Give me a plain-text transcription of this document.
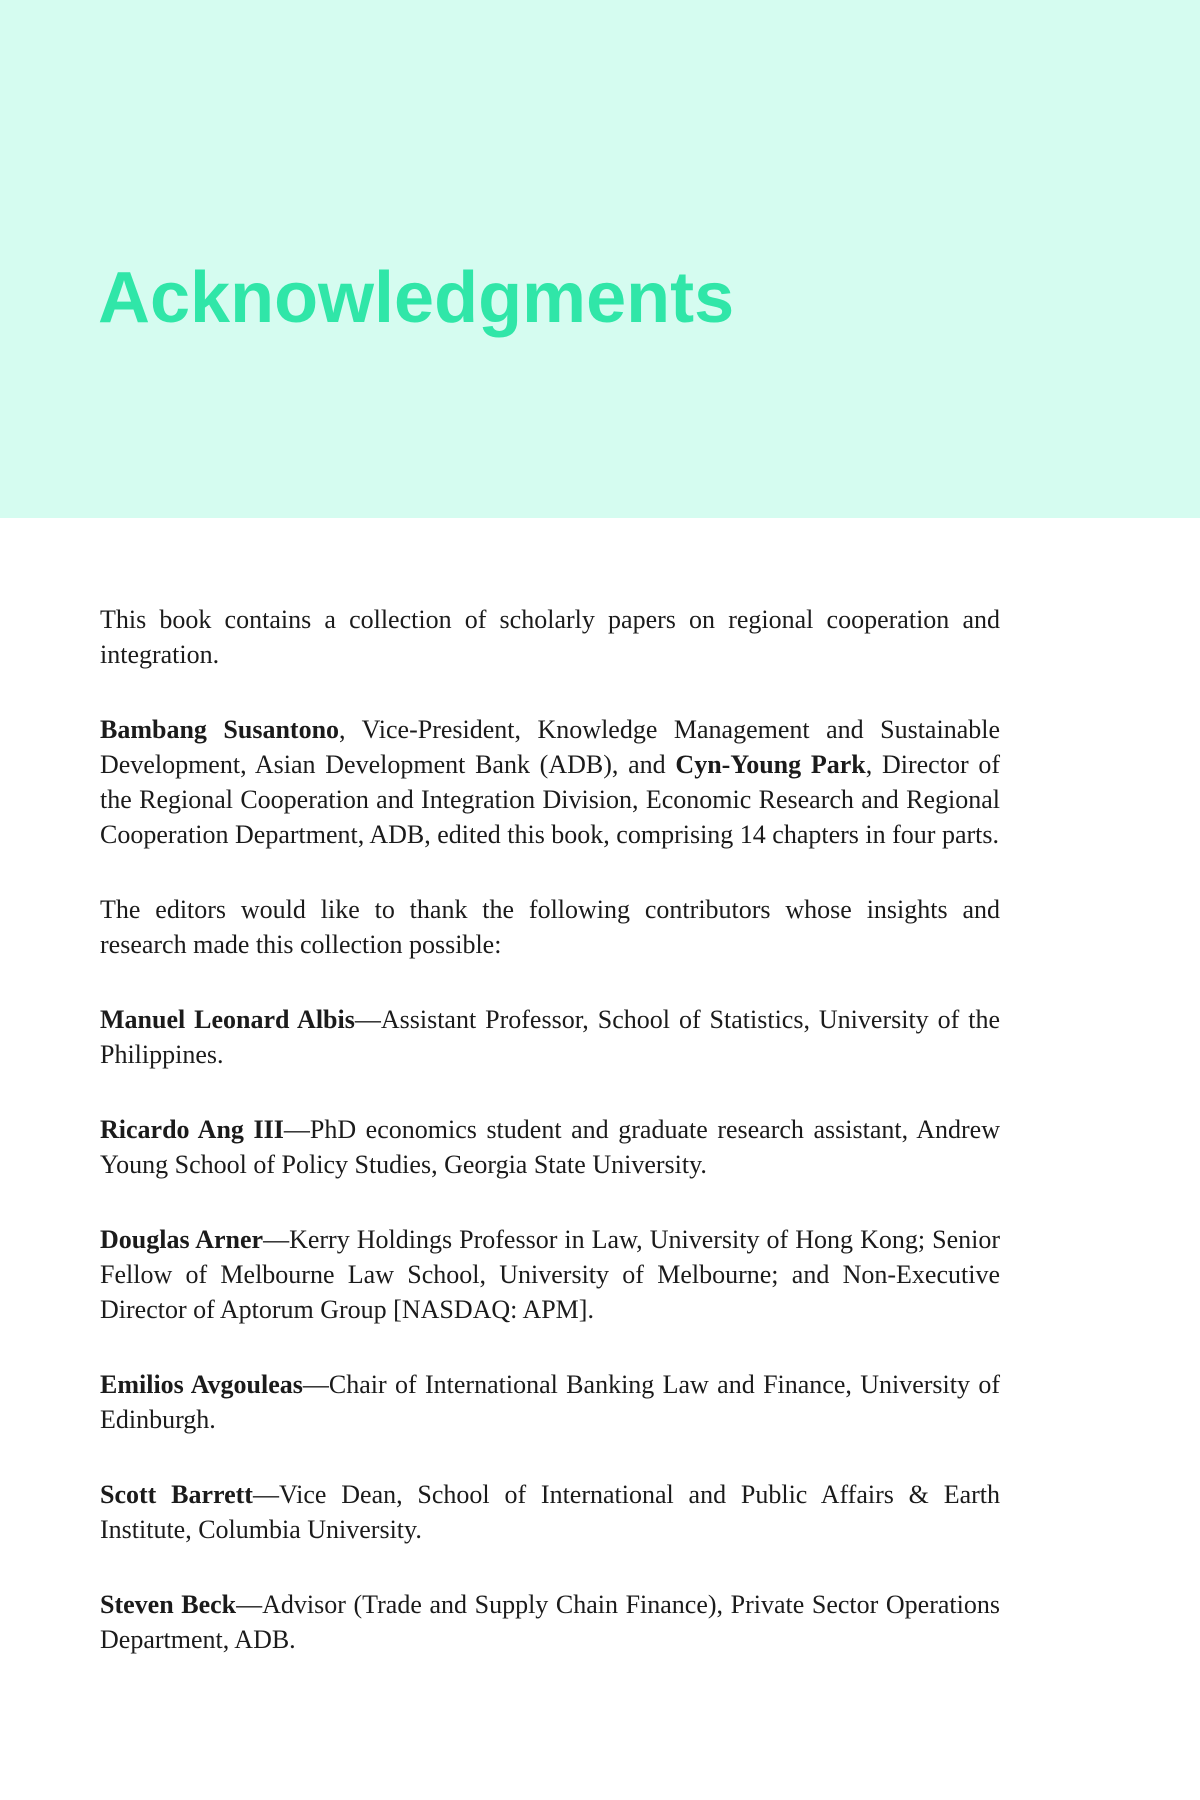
Acknowledgments

This book contains a collection of scholarly papers on regional cooperation and integration.

Bambang Susantono, Vice-President, Knowledge Management and Sustainable Development, Asian Development Bank (ADB), and Cyn-Young Park, Director of the Regional Cooperation and Integration Division, Economic Research and Regional Cooperation Department, ADB, edited this book, comprising 14 chapters in four parts.

The editors would like to thank the following contributors whose insights and research made this collection possible:

Manuel Leonard Albis—Assistant Professor, School of Statistics, University of the Philippines.

Ricardo Ang III—PhD economics student and graduate research assistant, Andrew Young School of Policy Studies, Georgia State University.

Douglas Arner—Kerry Holdings Professor in Law, University of Hong Kong; Senior Fellow of Melbourne Law School, University of Melbourne; and Non-Executive Director of Aptorum Group [NASDAQ: APM].

Emilios Avgouleas—Chair of International Banking Law and Finance, University of Edinburgh.

Scott Barrett—Vice Dean, School of International and Public Affairs & Earth Institute, Columbia University.

Steven Beck—Advisor (Trade and Supply Chain Finance), Private Sector Operations Department, ADB.
